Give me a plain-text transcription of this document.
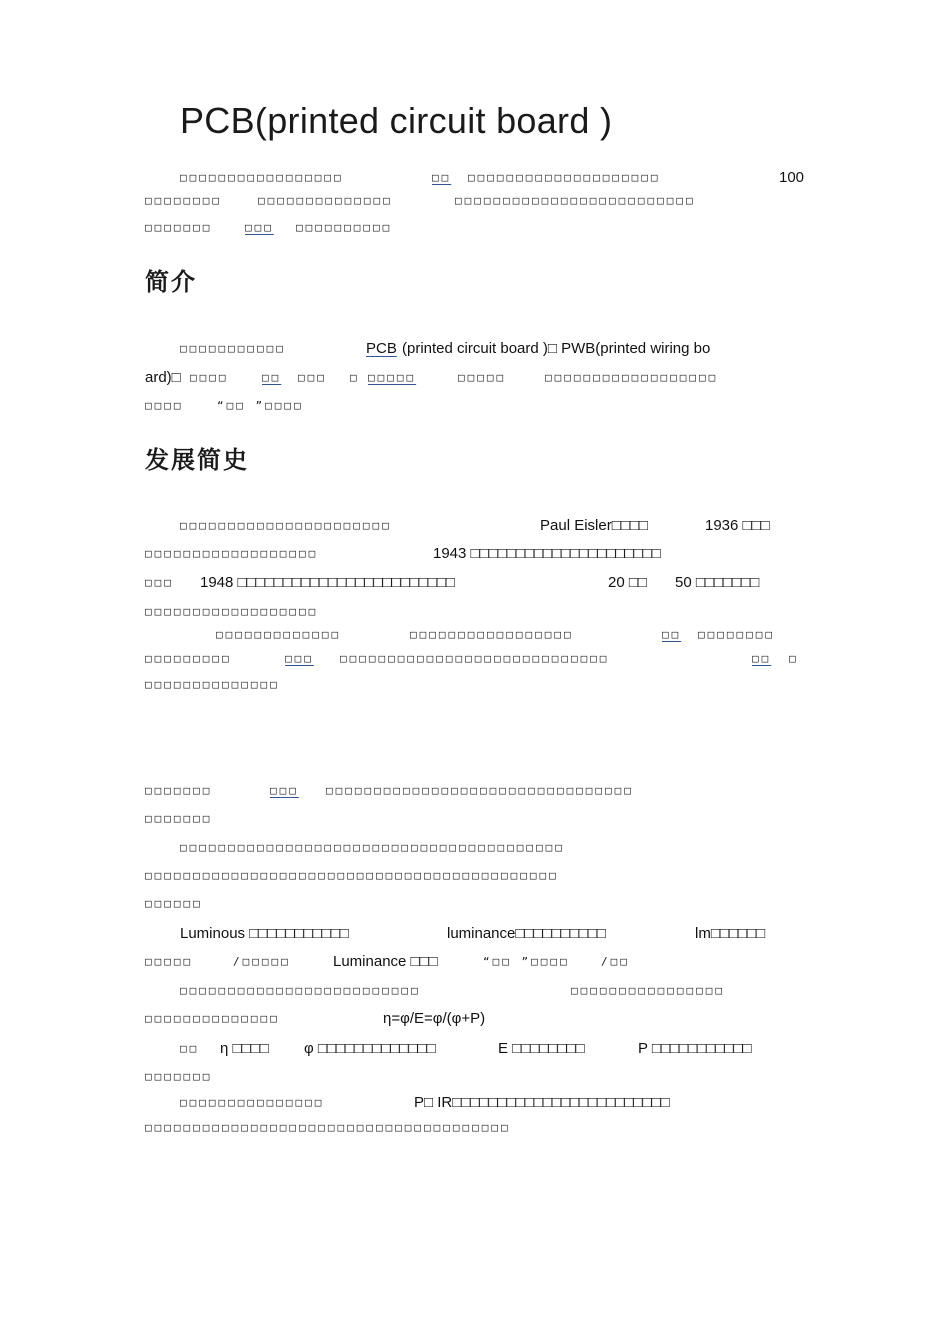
PCB(printed circuit board )
简介
发展简史
□□□□□□□□□□□□□□□□□	□□ □□□□□□□□□□□□□□□□□□□□	100
□□□□□□□□	□□□□□□□□□□□□□□	□□□□□□□□□□□□□□□□□□□□□□□□□
□□□□□□□	□□□ □□□□□□□□□□
□□□□□□□□□□□	PCB (printed circuit board )□ PWB(printed wiring bo
ard)□ □□□□	□□ □□□ □ □□□□□	□□□□□	□□□□□□□□□□□□□□□□□□
□□□□	“□□ ”□□□□
□□□□□□□□□□□□□□□□□□□□□□	Paul Eisler□□□□	1936 □□□
□□□□□□□□□□□□□□□□□□	1943 □□□□□□□□□□□□□□□□□□□□□
□□□ 1948 □□□□□□□□□□□□□□□□□□□□□□□□	20 □□ 50 □□□□□□□
□□□□□□□□□□□□□□□□□□
□□□□□□□□□□□□□	□□□□□□□□□□□□□□□□□	□□ □□□□□□□□
□□□□□□□□□	□□□ □□□□□□□□□□□□□□□□□□□□□□□□□□□□	□□ □
□□□□□□□□□□□□□□
□□□□□□□	□□□ □□□□□□□□□□□□□□□□□□□□□□□□□□□□□□□□
□□□□□□□
□□□□□□□□□□□□□□□□□□□□□□□□□□□□□□□□□□□□□□□□
□□□□□□□□□□□□□□□□□□□□□□□□□□□□□□□□□□□□□□□□□□□
□□□□□□
Luminous □□□□□□□□□□□	luminance□□□□□□□□□□	lm□□□□□□
□□□□□	/□□□□□	Luminance □□□	“□□ ”□□□□	/□□
□□□□□□□□□□□□□□□□□□□□□□□□□	□□□□□□□□□□□□□□□□
□□□□□□□□□□□□□□	η=φ/E=φ/(φ+P)
□□ η □□□□ φ □□□□□□□□□□□□□	E □□□□□□□□	P □□□□□□□□□□□
□□□□□□□
□□□□□□□□□□□□□□□	P□ IR□□□□□□□□□□□□□□□□□□□□□□□□
□□□□□□□□□□□□□□□□□□□□□□□□□□□□□□□□□□□□□□
